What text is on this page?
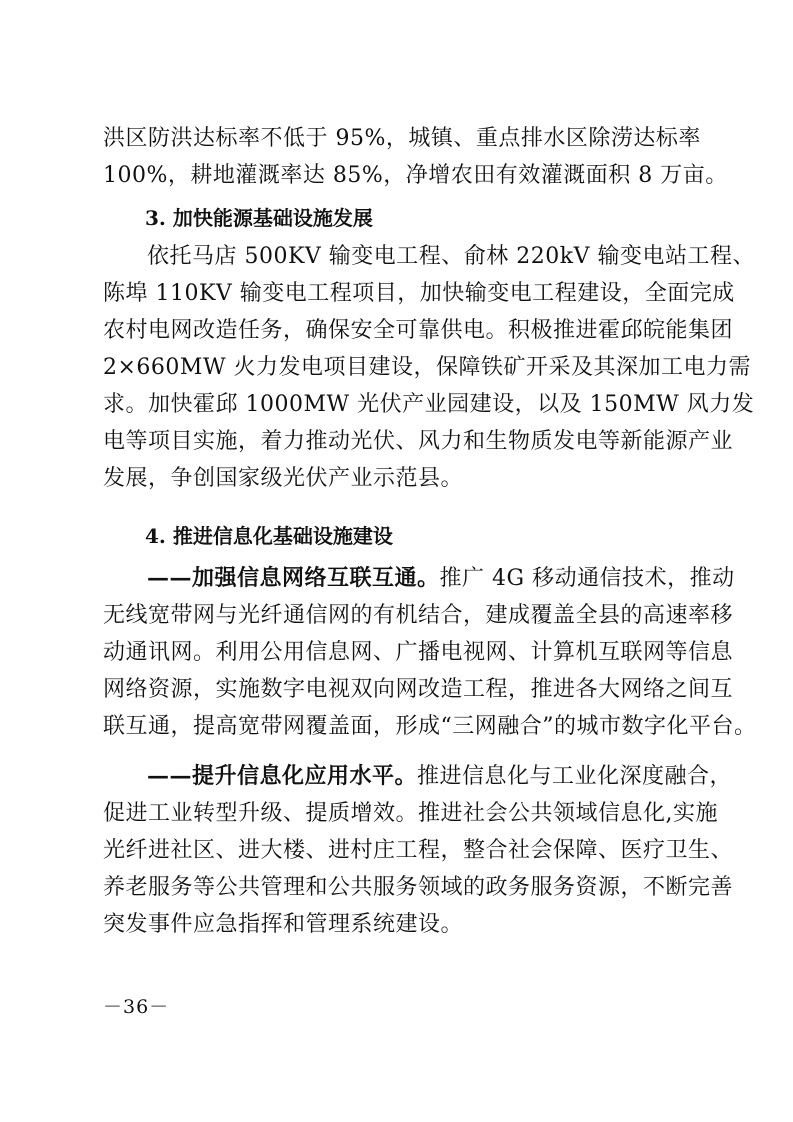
洪区防洪达标率不低于 95%，城镇、重点排水区除涝达标率
100%，耕地灌溉率达 85%，净增农田有效灌溉面积 8 万亩。
3. 加快能源基础设施发展
依托马店 500KV 输变电工程、俞林 220kV 输变电站工程、
陈埠 110KV 输变电工程项目，加快输变电工程建设，全面完成
农村电网改造任务，确保安全可靠供电。积极推进霍邱皖能集团
2×660MW 火力发电项目建设，保障铁矿开采及其深加工电力需
求。加快霍邱 1000MW 光伏产业园建设，以及 150MW 风力发
电等项目实施，着力推动光伏、风力和生物质发电等新能源产业
发展，争创国家级光伏产业示范县。
4. 推进信息化基础设施建设
——加强信息网络互联互通。推广 4G 移动通信技术，推动
无线宽带网与光纤通信网的有机结合，建成覆盖全县的高速率移
动通讯网。利用公用信息网、广播电视网、计算机互联网等信息
网络资源，实施数字电视双向网改造工程，推进各大网络之间互
联互通，提高宽带网覆盖面，形成“三网融合”的城市数字化平台。
——提升信息化应用水平。推进信息化与工业化深度融合，
促进工业转型升级、提质增效。推进社会公共领域信息化,实施
光纤进社区、进大楼、进村庄工程，整合社会保障、医疗卫生、
养老服务等公共管理和公共服务领域的政务服务资源，不断完善
突发事件应急指挥和管理系统建设。
－36－
